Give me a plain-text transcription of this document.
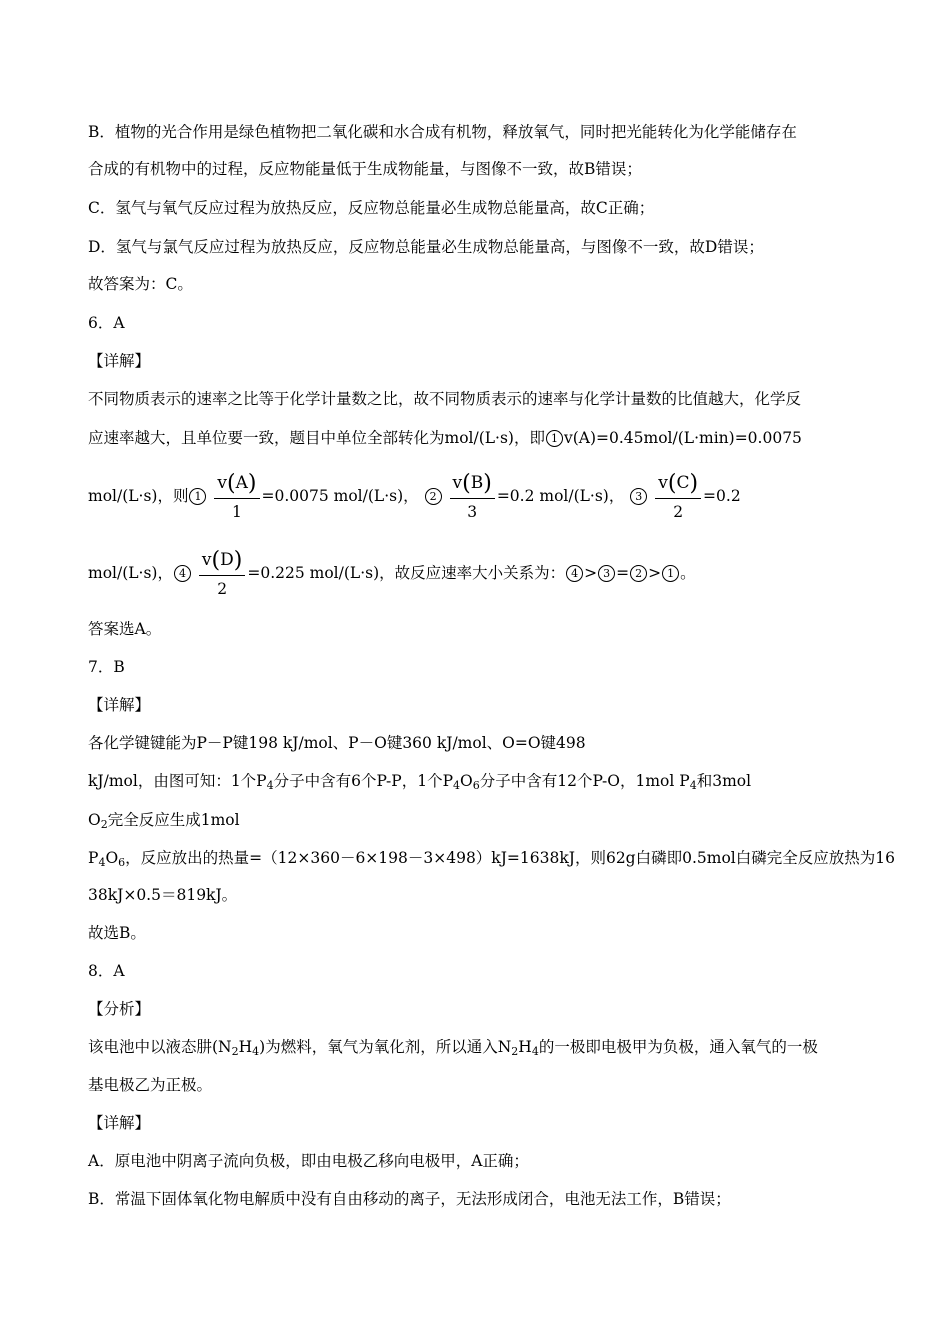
B．植物的光合作用是绿色植物把二氧化碳和水合成有机物，释放氧气，同时把光能转化为化学能储存在
合成的有机物中的过程，反应物能量低于生成物能量，与图像不一致，故B错误；
C．氢气与氧气反应过程为放热反应，反应物总能量必生成物总能量高，故C正确；
D．氢气与氯气反应过程为放热反应，反应物总能量必生成物总能量高，与图像不一致，故D错误；
故答案为：C。
6．A
【详解】
不同物质表示的速率之比等于化学计量数之比，故不同物质表示的速率与化学计量数的比值越大，化学反
应速率越大，且单位要一致，题目中单位全部转化为mol/(L·s)，即 1 v(A)=0.45mol/(L·min)=0.0075
mol/(L·s)，则 $1 \frac{v(A)}{1} =0.0075$ mol/(L·s)， $2 \frac{v(B)}{3} =0.2$ mol/(L·s)， $3 \frac{v(C)}{2} =0.2$
mol/(L·s)， $4 \frac{v(D)}{2} =0.225$ mol/(L·s)，故反应速率大小关系为： 4 > 3 = 2 > 1 。
答案选A。
7．B
【详解】
各化学键键能为P－P键198 kJ/mol、P－O键360 kJ/mol、O=O键498
kJ/mol，由图可知：1个$P_4$分子中含有6个P-P，1个$P_4O_6$分子中含有12个P-O，1mol $P_4$和3mol
$O_2$完全反应生成1mol
$P_4O_6$，反应放出的热量=（12×360－6×198－3×498）kJ=1638kJ，则62g白磷即0.5mol白磷完全反应放热为16
38kJ×0.5＝819kJ。
故选B。
8．A
【分析】
该电池中以液态肼$(N_2H_4)$为燃料，氧气为氧化剂，所以通入$N_2H_4$的一极即电极甲为负极，通入氧气的一极
基电极乙为正极。
【详解】
A．原电池中阴离子流向负极，即由电极乙移向电极甲，A正确；
B．常温下固体氧化物电解质中没有自由移动的离子，无法形成闭合，电池无法工作，B错误；
